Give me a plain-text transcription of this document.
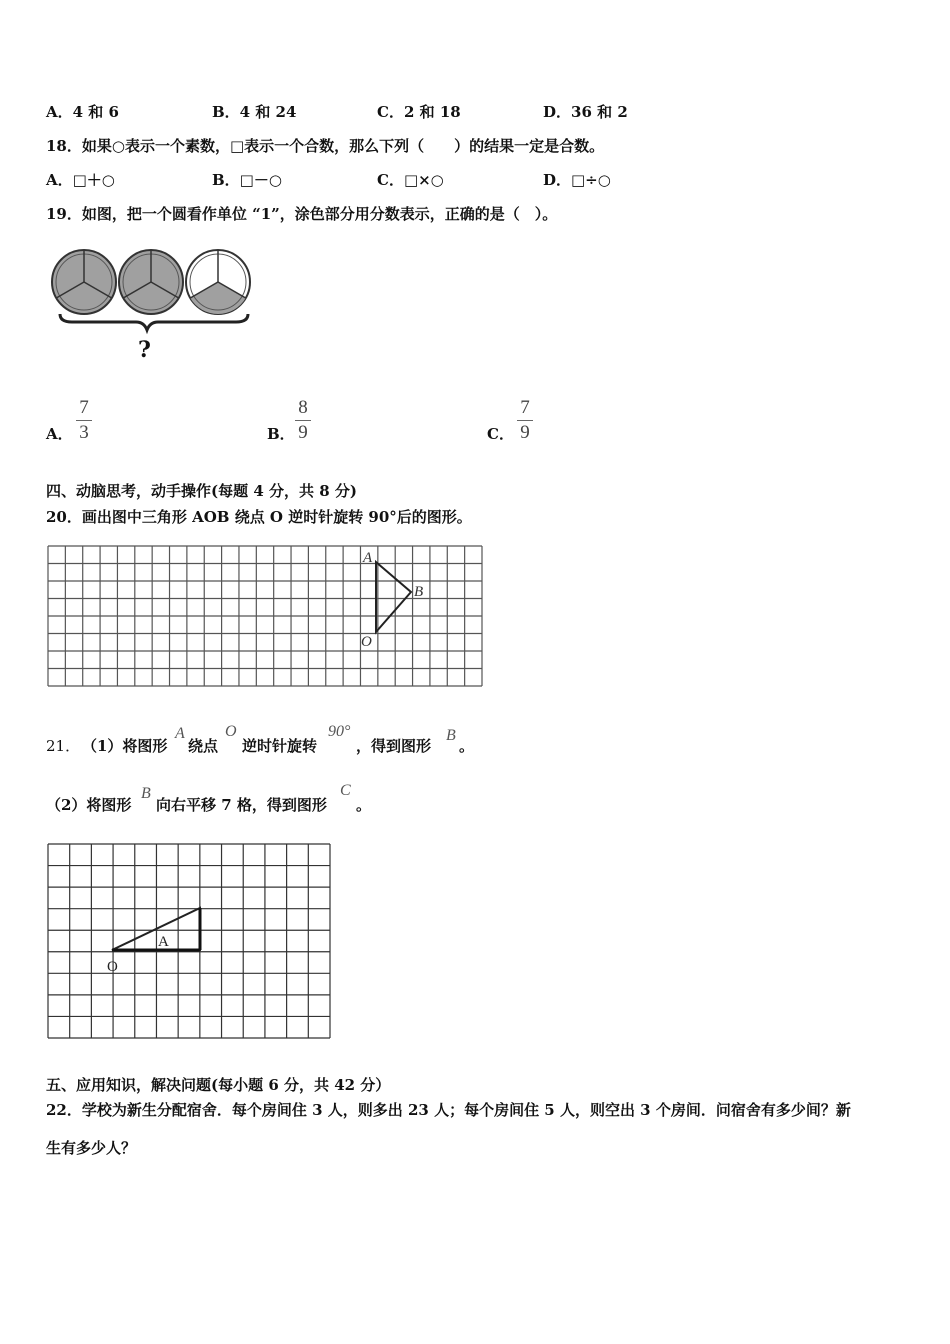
A．4 和 6	B．4 和 24	C．2 和 18	D．36 和 2
18．如果○表示一个素数，□表示一个合数，那么下列（　　）的结果一定是合数。
A．□＋○	B．□－○	C．□×○	D．□÷○
19．如图，把一个圆看作单位 “1”，涂色部分用分数表示，正确的是（　）。
?
A．
7
3	B．
8
9	C．
7
9
四、动脑思考，动手操作(每题 4 分，共 8 分)
20．画出图中三角形 AOB 绕点 O 逆时针旋转 90°后的图形。
A
B
O
21． （1）将图形
A
绕点
O
逆时针旋转
90°
，得到图形
B
。
（2）将图形
B
向右平移 7 格，得到图形
C
。
A
O
五、应用知识，解决问题(每小题 6 分，共 42 分）
22．学校为新生分配宿舍．每个房间住 3 人，则多出 23 人；每个房间住 5 人，则空出 3 个房间．问宿舍有多少间？新
生有多少人？
